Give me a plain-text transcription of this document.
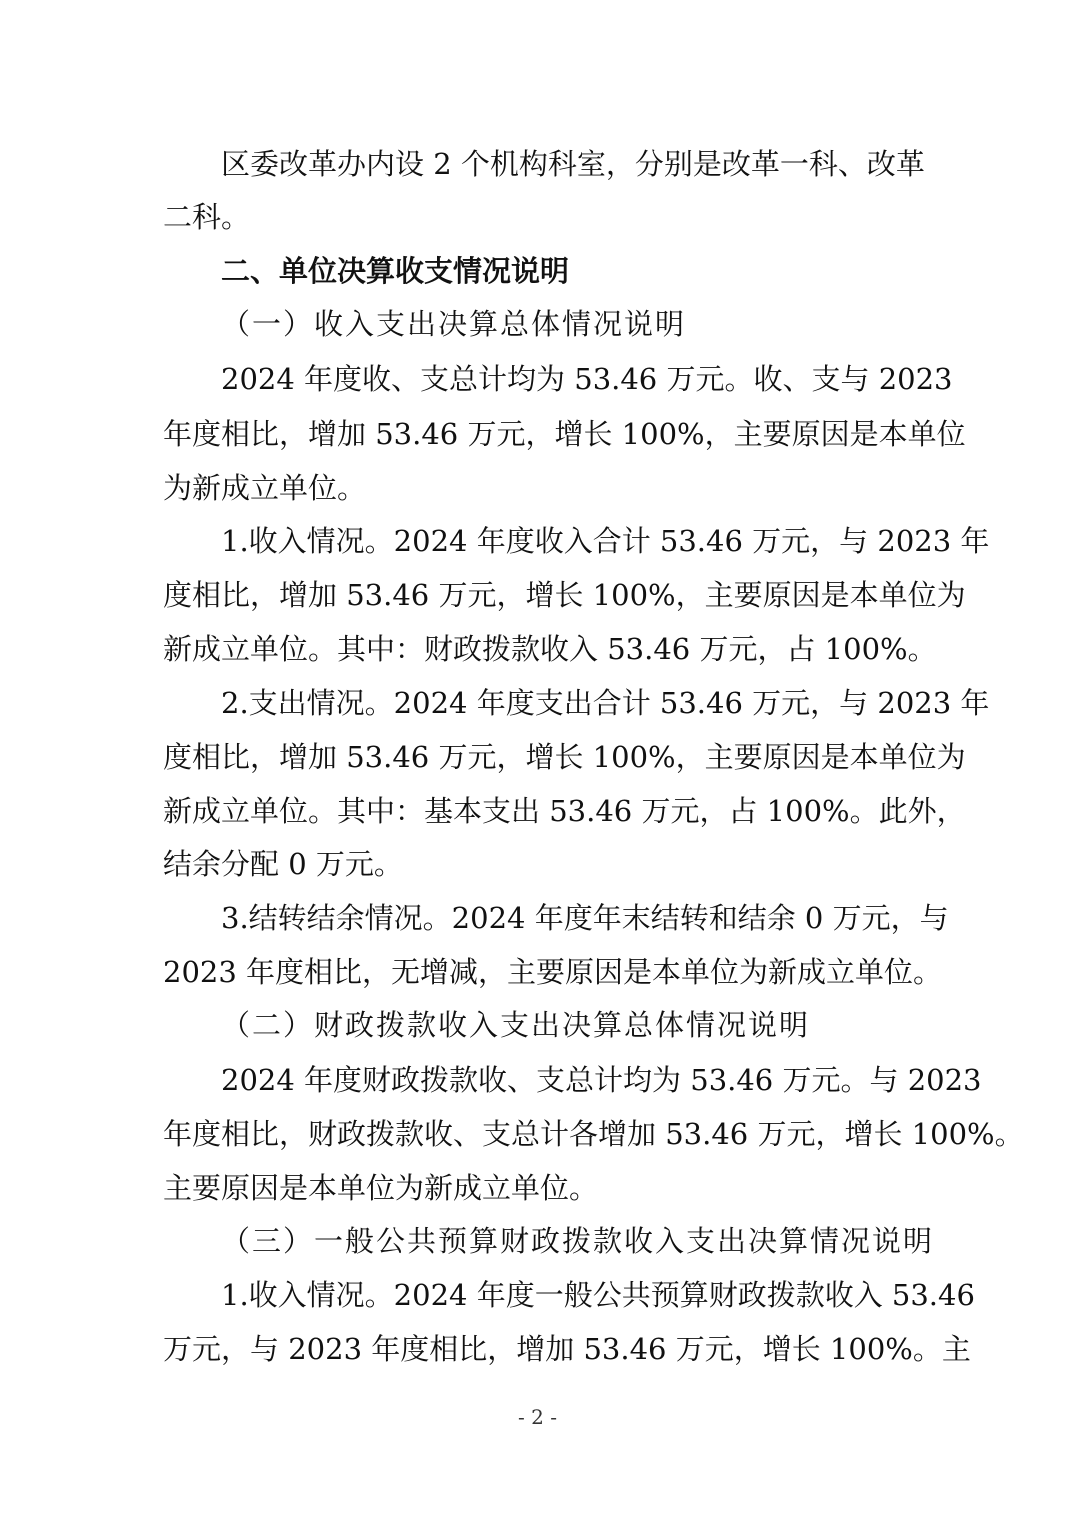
区委改革办内设 2 个机构科室，分别是改革一科、改革
二科。
二、单位决算收支情况说明
（一）收入支出决算总体情况说明
2024 年度收、支总计均为 53.46 万元。收、支与 2023
年度相比，增加 53.46 万元，增长 100%，主要原因是本单位
为新成立单位。
1.收入情况。2024 年度收入合计 53.46 万元，与 2023 年
度相比，增加 53.46 万元，增长 100%，主要原因是本单位为
新成立单位。其中：财政拨款收入 53.46 万元，占 100%。
2.支出情况。2024 年度支出合计 53.46 万元，与 2023 年
度相比，增加 53.46 万元，增长 100%，主要原因是本单位为
新成立单位。其中：基本支出 53.46 万元，占 100%。此外，
结余分配 0 万元。
3.结转结余情况。2024 年度年末结转和结余 0 万元，与
2023 年度相比，无增减，主要原因是本单位为新成立单位。
（二）财政拨款收入支出决算总体情况说明
2024 年度财政拨款收、支总计均为 53.46 万元。与 2023
年度相比，财政拨款收、支总计各增加 53.46 万元，增长 100%。
主要原因是本单位为新成立单位。
（三）一般公共预算财政拨款收入支出决算情况说明
1.收入情况。2024 年度一般公共预算财政拨款收入 53.46
万元，与 2023 年度相比，增加 53.46 万元，增长 100%。主
- 2 -
